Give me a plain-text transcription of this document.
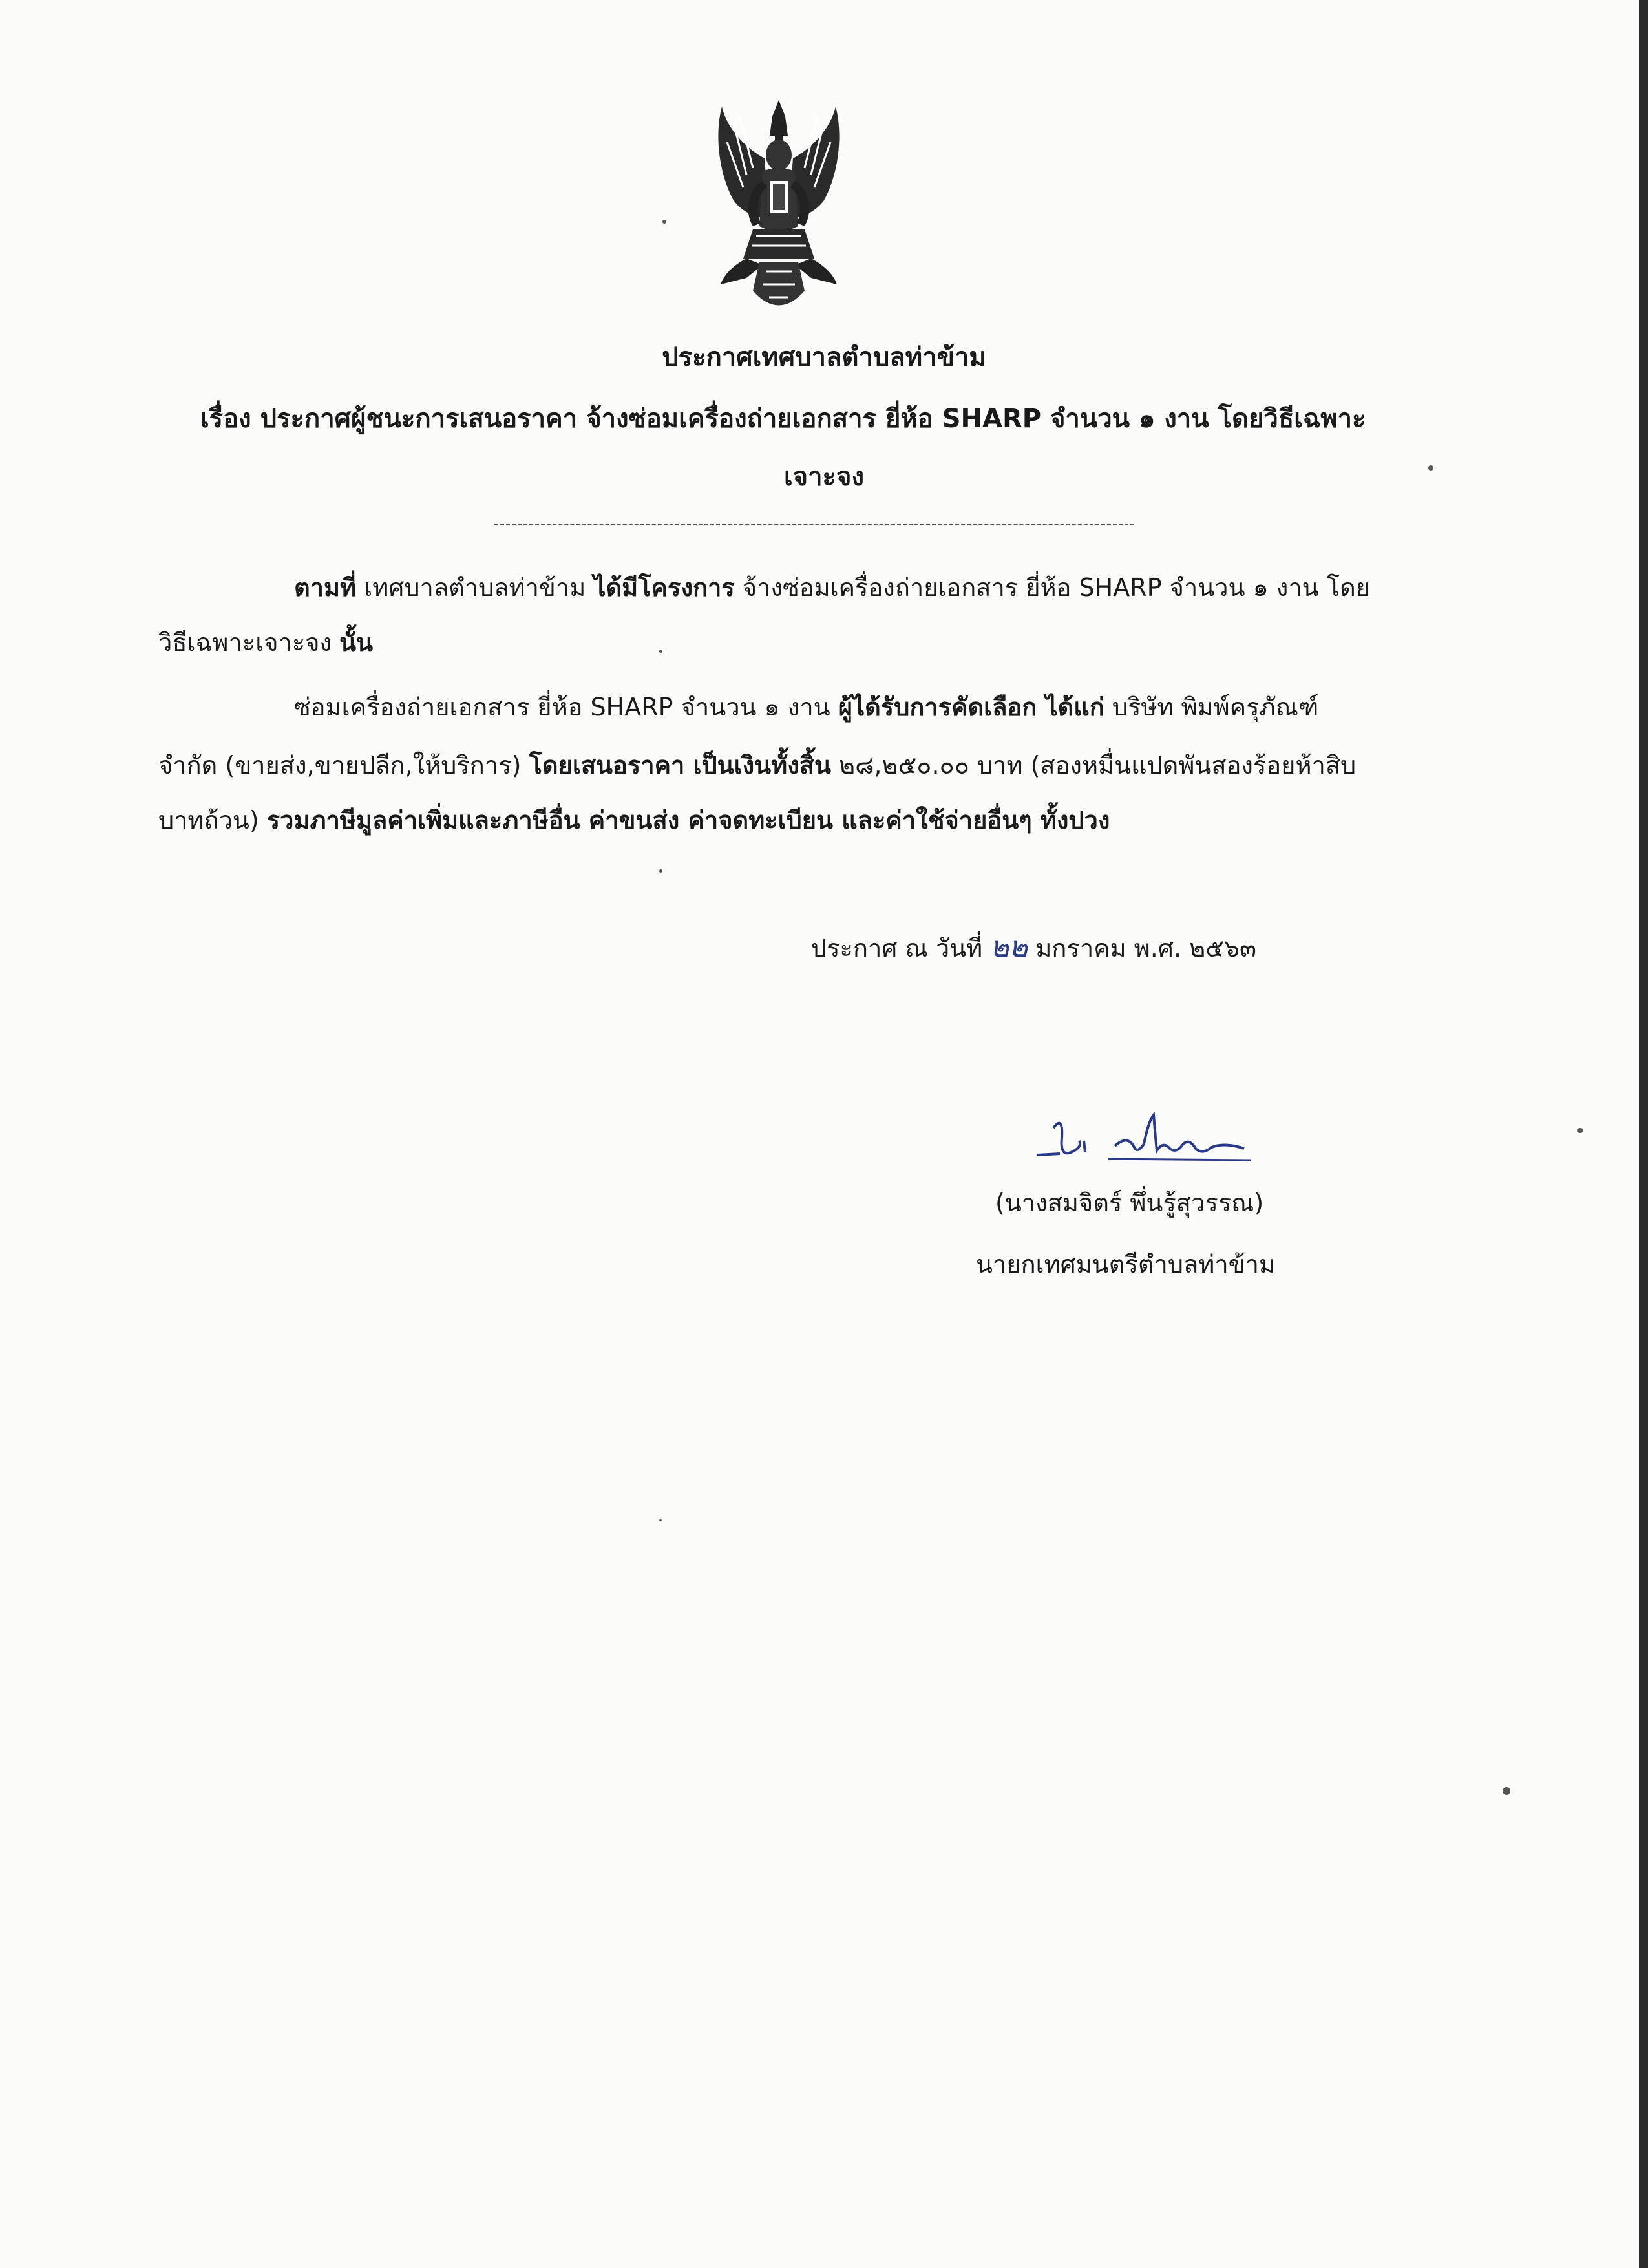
ประกาศเทศบาลตำบลท่าข้าม
เรื่อง ประกาศผู้ชนะการเสนอราคา จ้างซ่อมเครื่องถ่ายเอกสาร ยี่ห้อ SHARP จำนวน ๑ งาน โดยวิธีเฉพาะ
เจาะจง
ตามที่ เทศบาลตำบลท่าข้าม ได้มีโครงการ จ้างซ่อมเครื่องถ่ายเอกสาร ยี่ห้อ SHARP จำนวน ๑ งาน โดย
วิธีเฉพาะเจาะจง นั้น
ซ่อมเครื่องถ่ายเอกสาร ยี่ห้อ SHARP จำนวน ๑ งาน ผู้ได้รับการคัดเลือก ได้แก่ บริษัท พิมพ์ครุภัณฑ์
จำกัด (ขายส่ง,ขายปลีก,ให้บริการ) โดยเสนอราคา เป็นเงินทั้งสิ้น ๒๘,๒๕๐.๐๐ บาท (สองหมื่นแปดพันสองร้อยห้าสิบ
บาทถ้วน) รวมภาษีมูลค่าเพิ่มและภาษีอื่น ค่าขนส่ง ค่าจดทะเบียน และค่าใช้จ่ายอื่นๆ ทั้งปวง
ประกาศ ณ วันที่ ๒๒ มกราคม พ.ศ. ๒๕๖๓
(นางสมจิตร์ พึ่นรู้สุวรรณ)
นายกเทศมนตรีตำบลท่าข้าม
